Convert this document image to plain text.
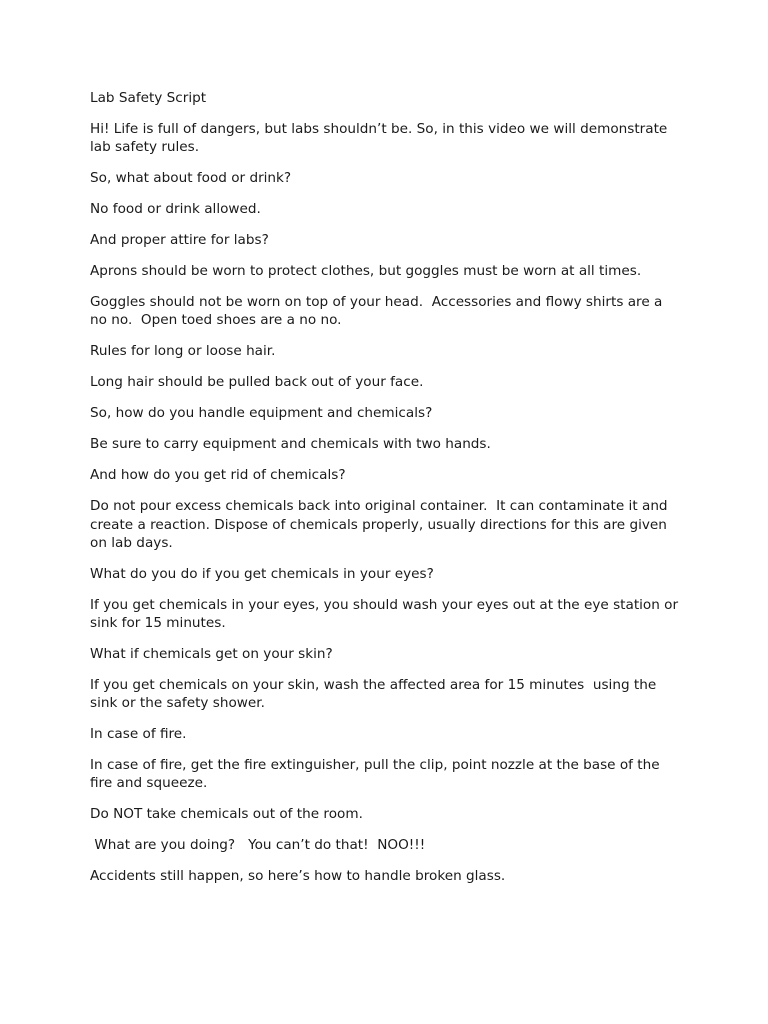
Lab Safety Script

Hi! Life is full of dangers, but labs shouldn’t be. So, in this video we will demonstrate lab safety rules.

So, what about food or drink?

No food or drink allowed.

And proper attire for labs?

Aprons should be worn to protect clothes, but goggles must be worn at all times.

Goggles should not be worn on top of your head.  Accessories and flowy shirts are a no no.  Open toed shoes are a no no.

Rules for long or loose hair.

Long hair should be pulled back out of your face.

So, how do you handle equipment and chemicals?

Be sure to carry equipment and chemicals with two hands.

And how do you get rid of chemicals?

Do not pour excess chemicals back into original container.  It can contaminate it and create a reaction. Dispose of chemicals properly, usually directions for this are given on lab days.

What do you do if you get chemicals in your eyes?

If you get chemicals in your eyes, you should wash your eyes out at the eye station or sink for 15 minutes.

What if chemicals get on your skin?

If you get chemicals on your skin, wash the affected area for 15 minutes  using the sink or the safety shower.

In case of fire.

In case of fire, get the fire extinguisher, pull the clip, point nozzle at the base of the fire and squeeze.

Do NOT take chemicals out of the room.

What are you doing?   You can’t do that!  NOO!!!

Accidents still happen, so here’s how to handle broken glass.
